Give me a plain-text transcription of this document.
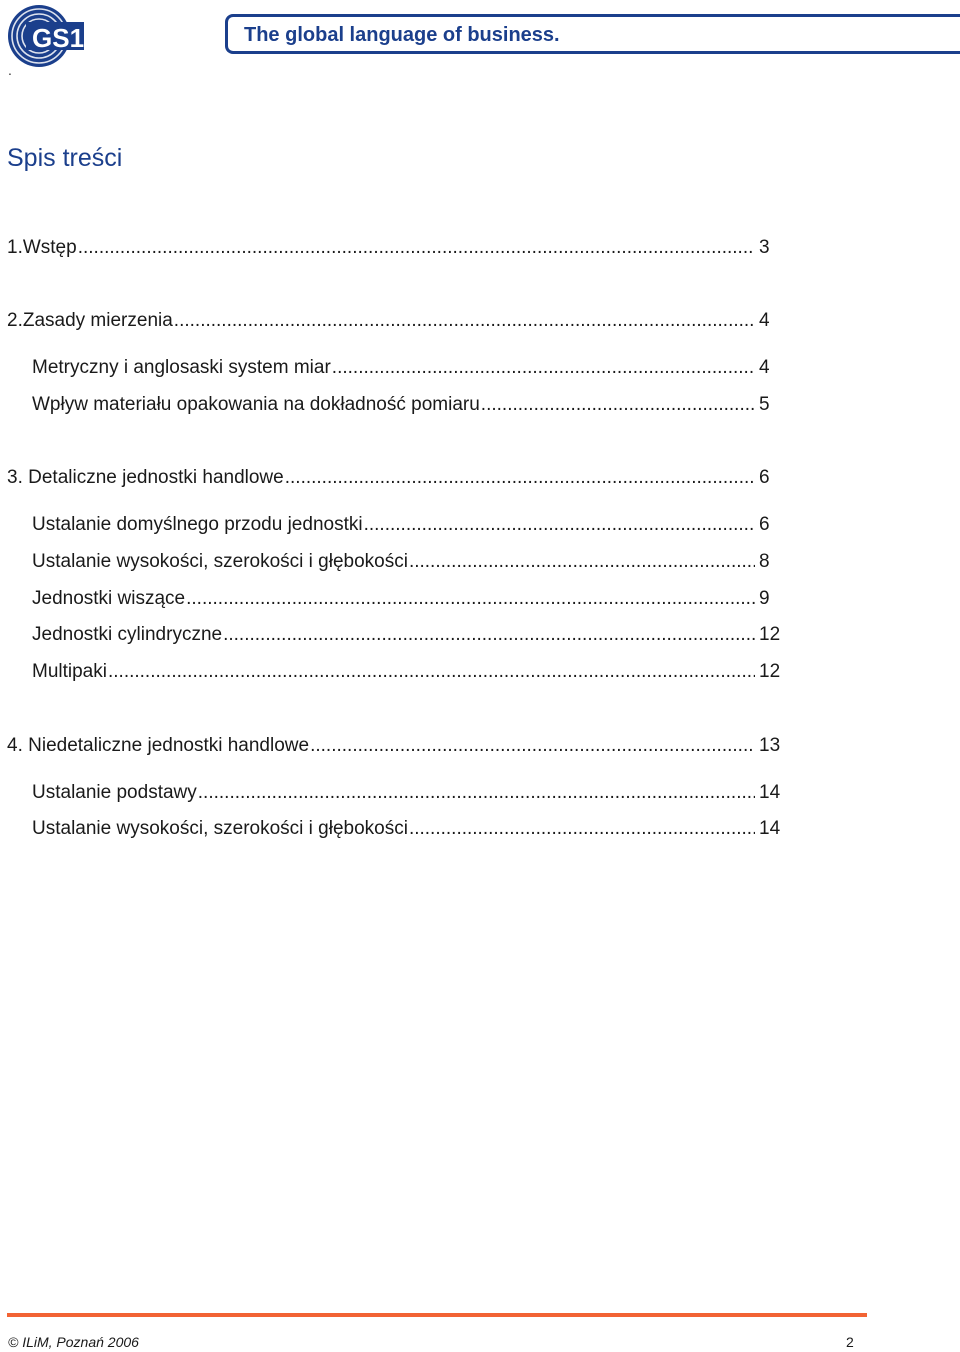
GS1	The global language of business.
.
Spis treści
1.Wstęp .....	3
2.Zasady mierzenia .....	4
Metryczny i anglosaski system miar .....	4
Wpływ materiału opakowania na dokładność pomiaru .....	5
3. Detaliczne jednostki handlowe .....	6
Ustalanie domyślnego przodu jednostki .....	6
Ustalanie wysokości, szerokości i głębokości .....	8
Jednostki wiszące .....	9
Jednostki cylindryczne .....	12
Multipaki .....	12
4. Niedetaliczne jednostki handlowe .....	13
Ustalanie podstawy .....	14
Ustalanie wysokości, szerokości i głębokości .....	14
© ILiM, Poznań 2006	2
